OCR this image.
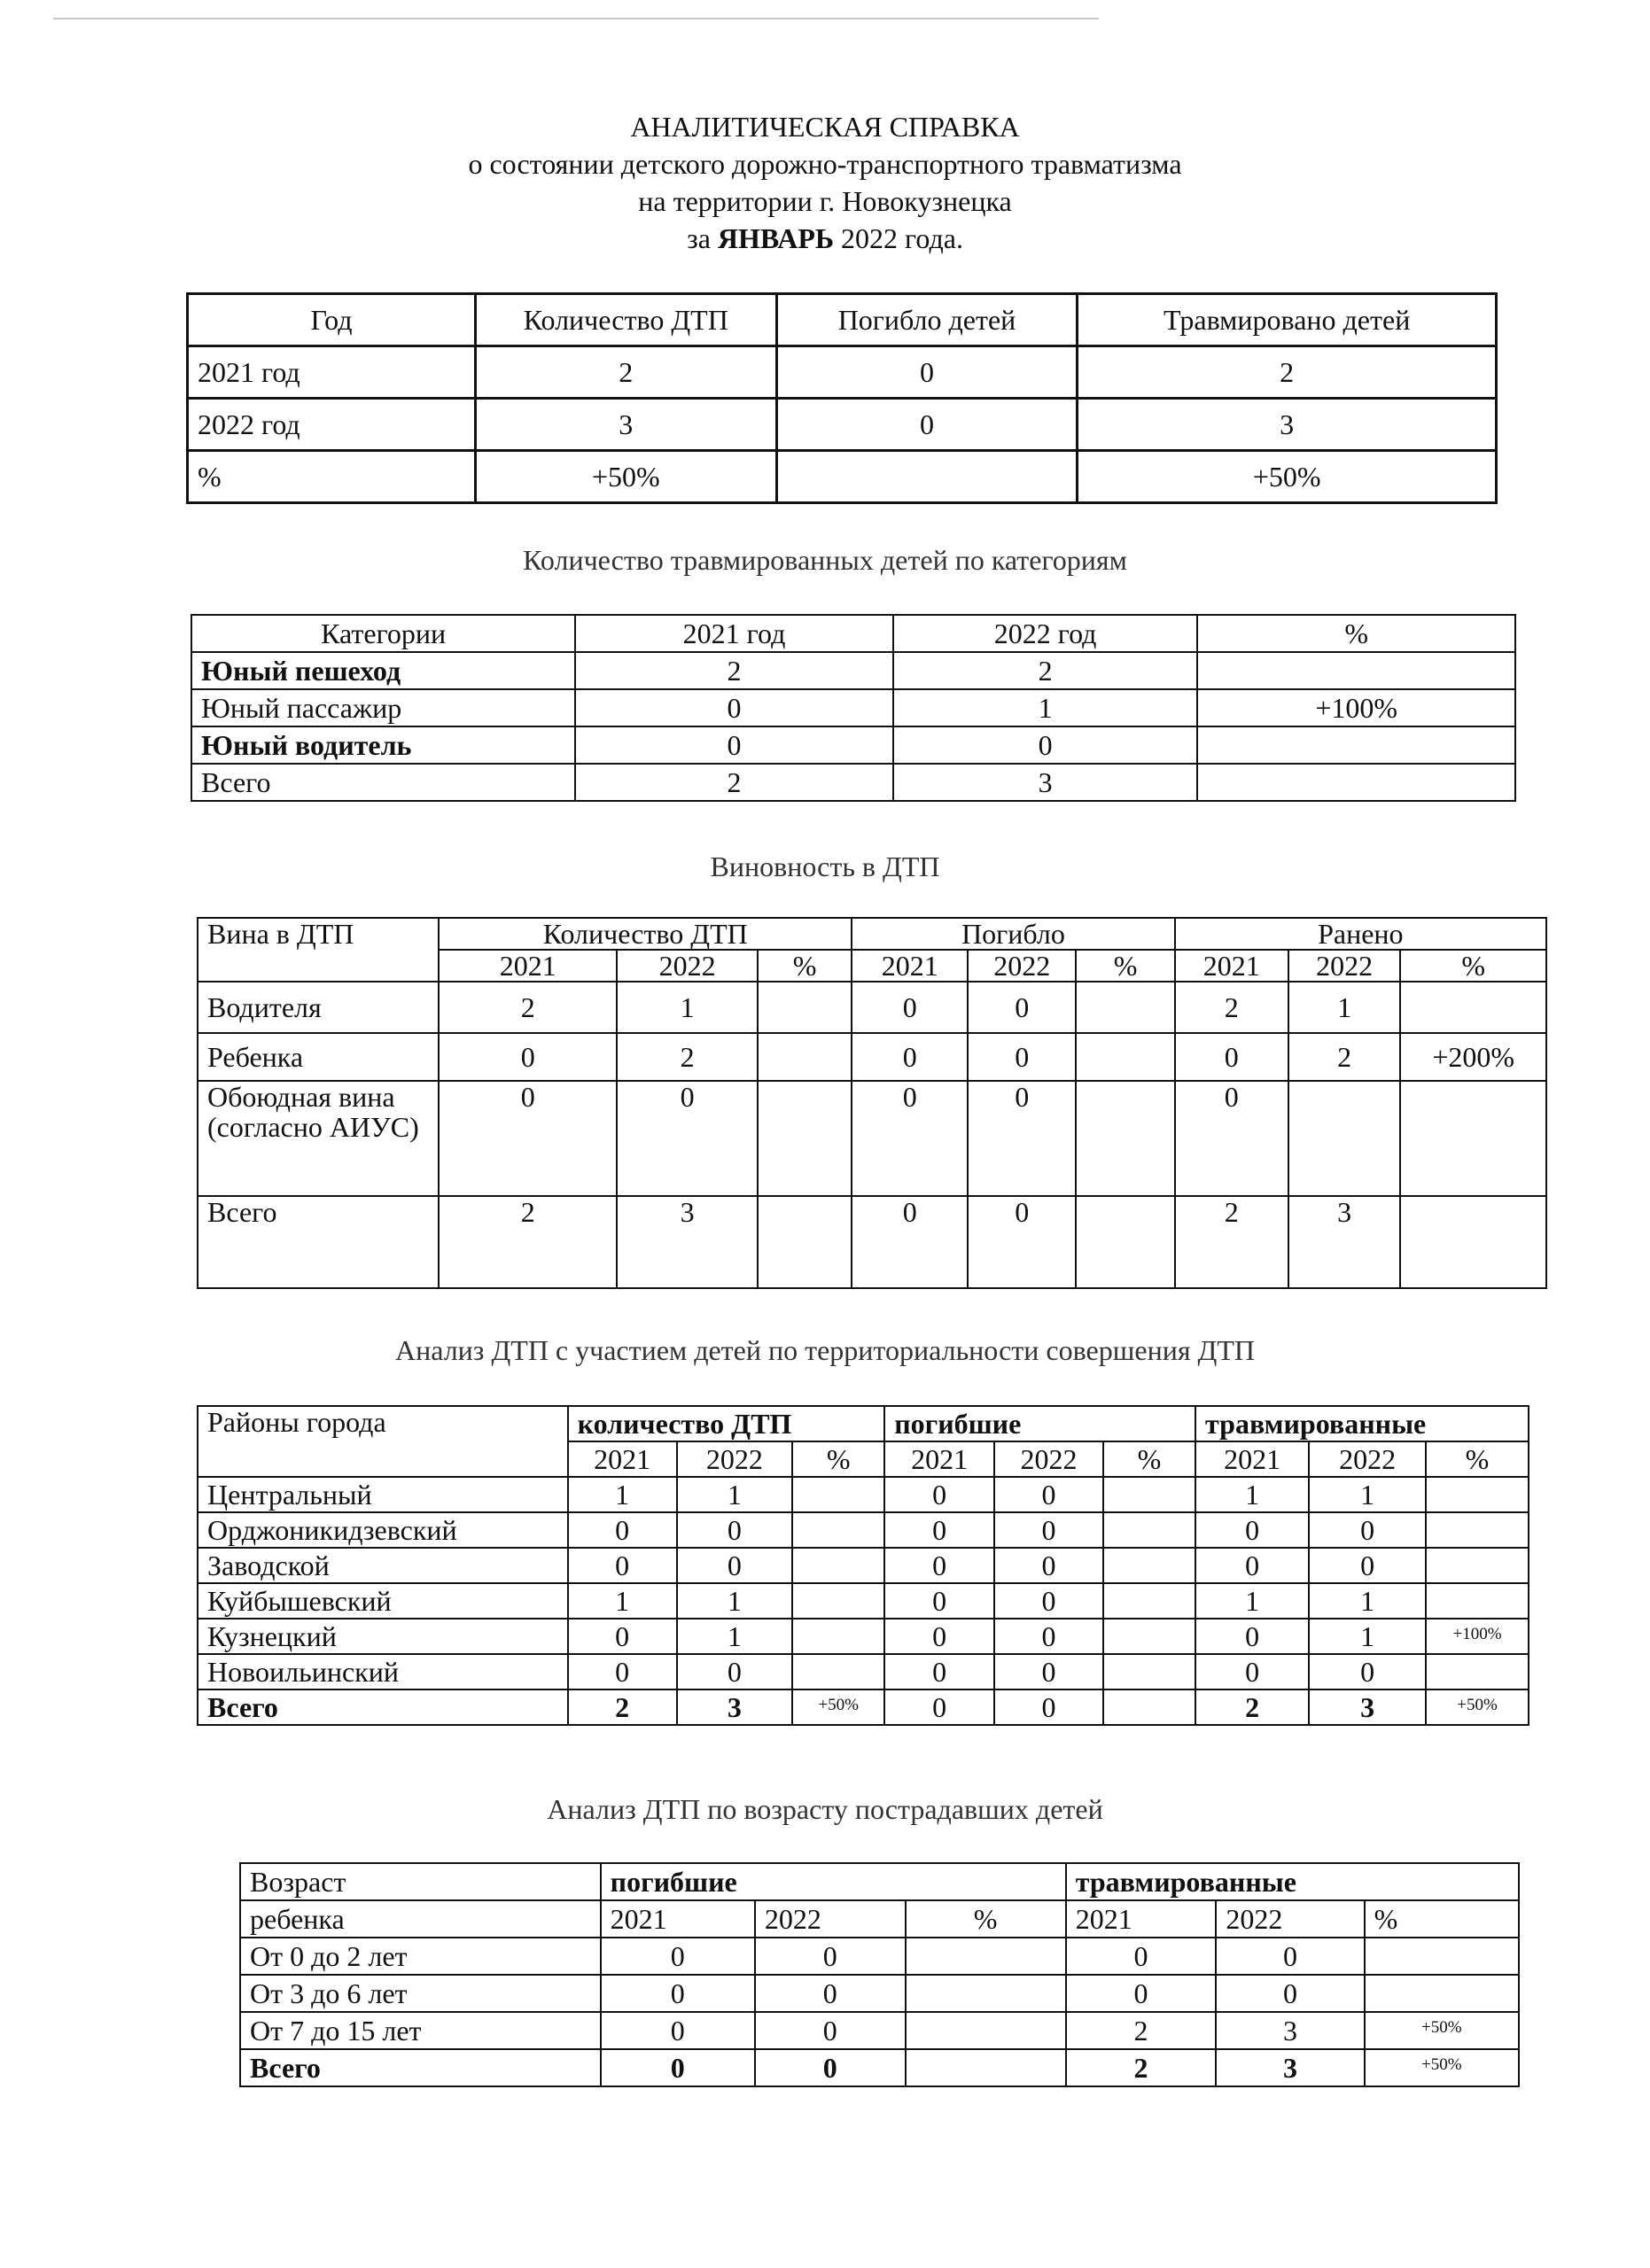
АНАЛИТИЧЕСКАЯ СПРАВКА
о состоянии детского дорожно-транспортного травматизма
на территории г. Новокузнецка
за ЯНВАРЬ 2022 года.
Год	Количество ДТП	Погибло детей	Травмировано детей
2021 год	2	0	2
2022 год	3	0	3
%	+50%		+50%
Количество травмированных детей по категориям
Категории	2021 год	2022 год	%
Юный пешеход	2	2	
Юный пассажир	0	1	+100%
Юный водитель	0	0	
Всего	2	3	
Виновность в ДТП
Вина в ДТП	Количество ДТП			Погибло			Ранено		
	2021	2022	%	2021	2022	%	2021	2022	%
Водителя	2	1		0	0		2	1	
Ребенка	0	2		0	0		0	2	+200%
Обоюдная вина (согласно АИУС)	0	0		0	0		0		
Всего	2	3		0	0		2	3	
Анализ ДТП с участием детей по территориальности совершения ДТП
Районы города	количество ДТП			погибшие			травмированные		
	2021	2022	%	2021	2022	%	2021	2022	%
Центральный	1	1		0	0		1	1	
Орджоникидзевский	0	0		0	0		0	0	
Заводской	0	0		0	0		0	0	
Куйбышевский	1	1		0	0		1	1	
Кузнецкий	0	1		0	0		0	1	+100%
Новоильинский	0	0		0	0		0	0	
Всего	2	3	+50%	0	0		2	3	+50%
Анализ ДТП по возрасту пострадавших детей
Возраст	погибшие			травмированные		
ребенка	2021	2022	%	2021	2022	%
От 0 до 2 лет	0	0		0	0	
От 3 до 6 лет	0	0		0	0	
От 7 до 15 лет	0	0		2	3	+50%
Всего	0	0		2	3	+50%
